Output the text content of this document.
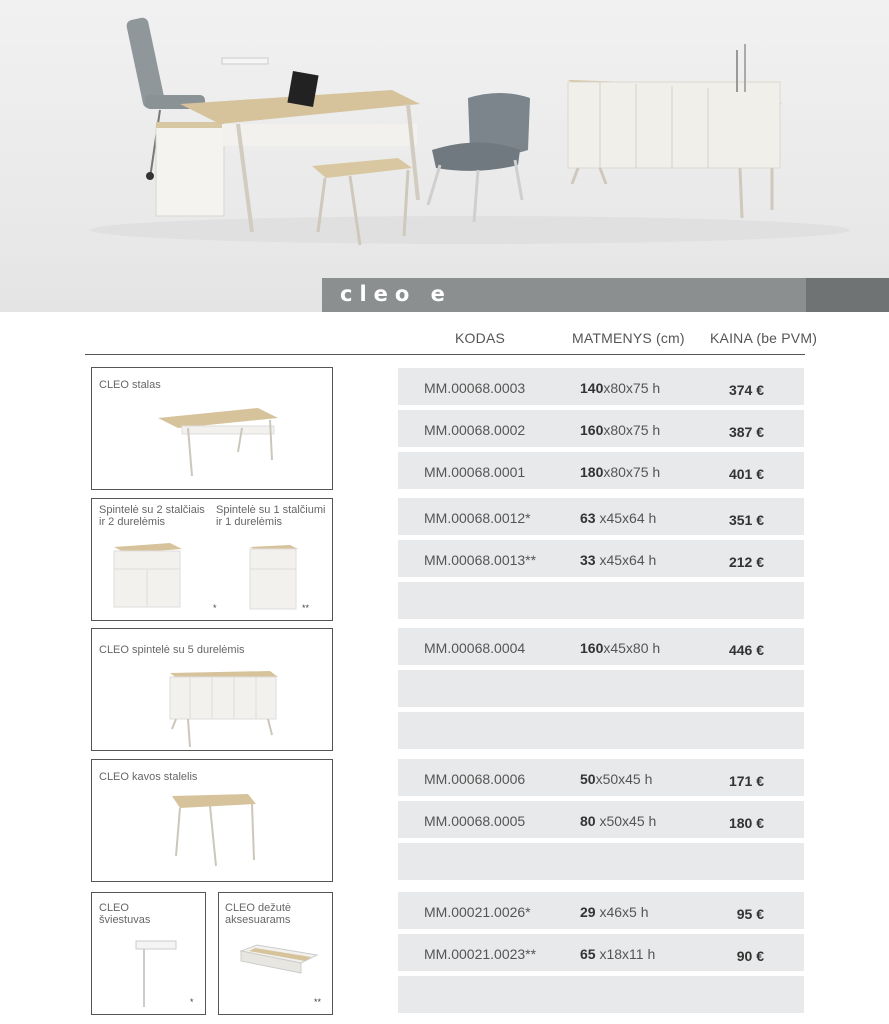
cleo e
KODAS	MATMENYS (cm) KAINA (be PVM)
CLEO stalas
Spintelė su 2 stalčiais ir 2 durelėmis
Spintelė su 1 stalčiumi ir 1 durelėmis
*	**
CLEO spintelė su 5 durelėmis
CLEO kavos stalelis
CLEO šviestuvas
*
CLEO dežutė aksesuarams
**
MM.00068.0003	140x80x75 h	374 €
MM.00068.0002	160x80x75 h	387 €
MM.00068.0001	180x80x75 h	401 €
MM.00068.0012*	63 x45x64 h	351 €
MM.00068.0013**	33 x45x64 h	212 €
MM.00068.0004	160x45x80 h	446 €
MM.00068.0006	50x50x45 h	171 €
MM.00068.0005	80 x50x45 h	180 €
MM.00021.0026*	29 x46x5 h	95 €
MM.00021.0023**	65 x18x11 h	90 €
